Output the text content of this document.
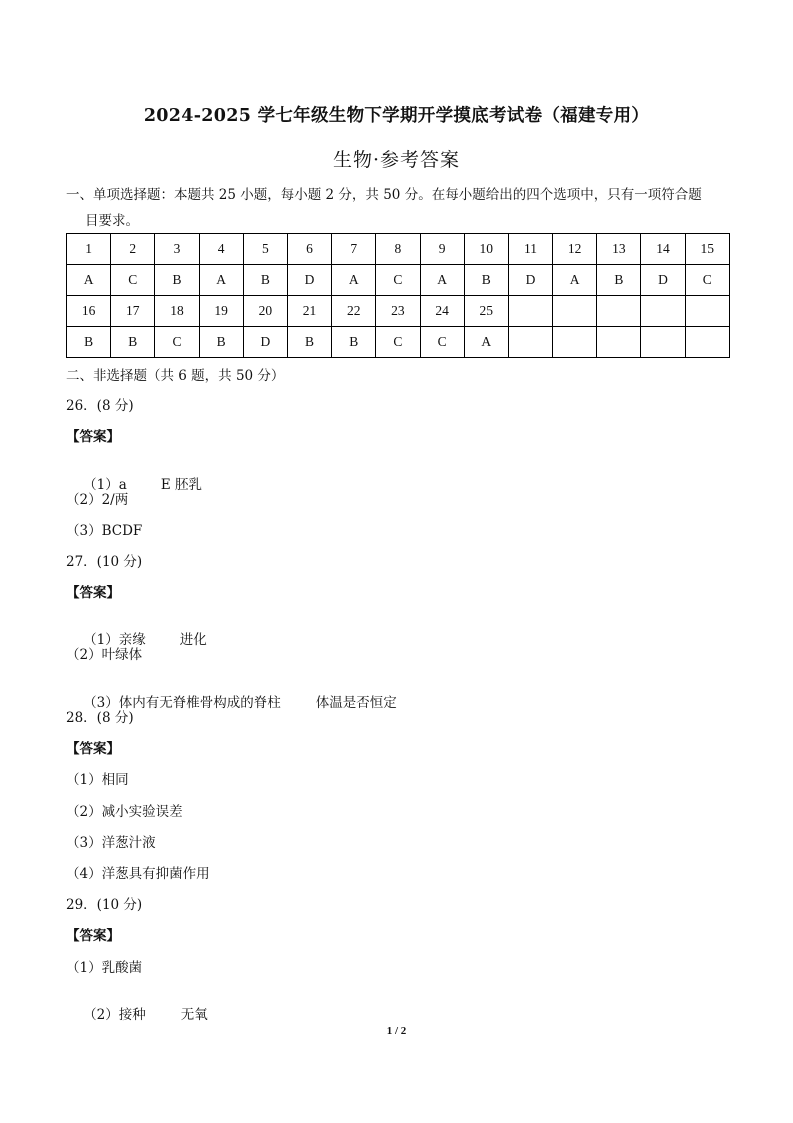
2024-2025 学七年级生物下学期开学摸底考试卷（福建专用）
生物·参考答案
一、单项选择题：本题共 25 小题，每小题 2 分，共 50 分。在每小题给出的四个选项中，只有一项符合题
目要求。
1	2	3	4	5	6	7	8	9	10	11	12	13	14	15
A	C	B	A	B	D	A	C	A	B	D	A	B	D	C
16	17	18	19	20	21	22	23	24	25					
B	B	C	B	D	B	B	C	C	A					
二、非选择题（共 6 题，共 50 分）
26．(8 分)
【答案】

（1）a	E 胚乳

（2）2/两
（3）BCDF
27．(10 分)
【答案】

（1）亲缘	进化

（2）叶绿体

（3）体内有无脊椎骨构成的脊柱	体温是否恒定

28．(8 分)
【答案】
（1）相同
（2）减小实验误差
（3）洋葱汁液
（4）洋葱具有抑菌作用
29．(10 分)
【答案】
（1）乳酸菌

（2）接种	无氧

1 / 2
